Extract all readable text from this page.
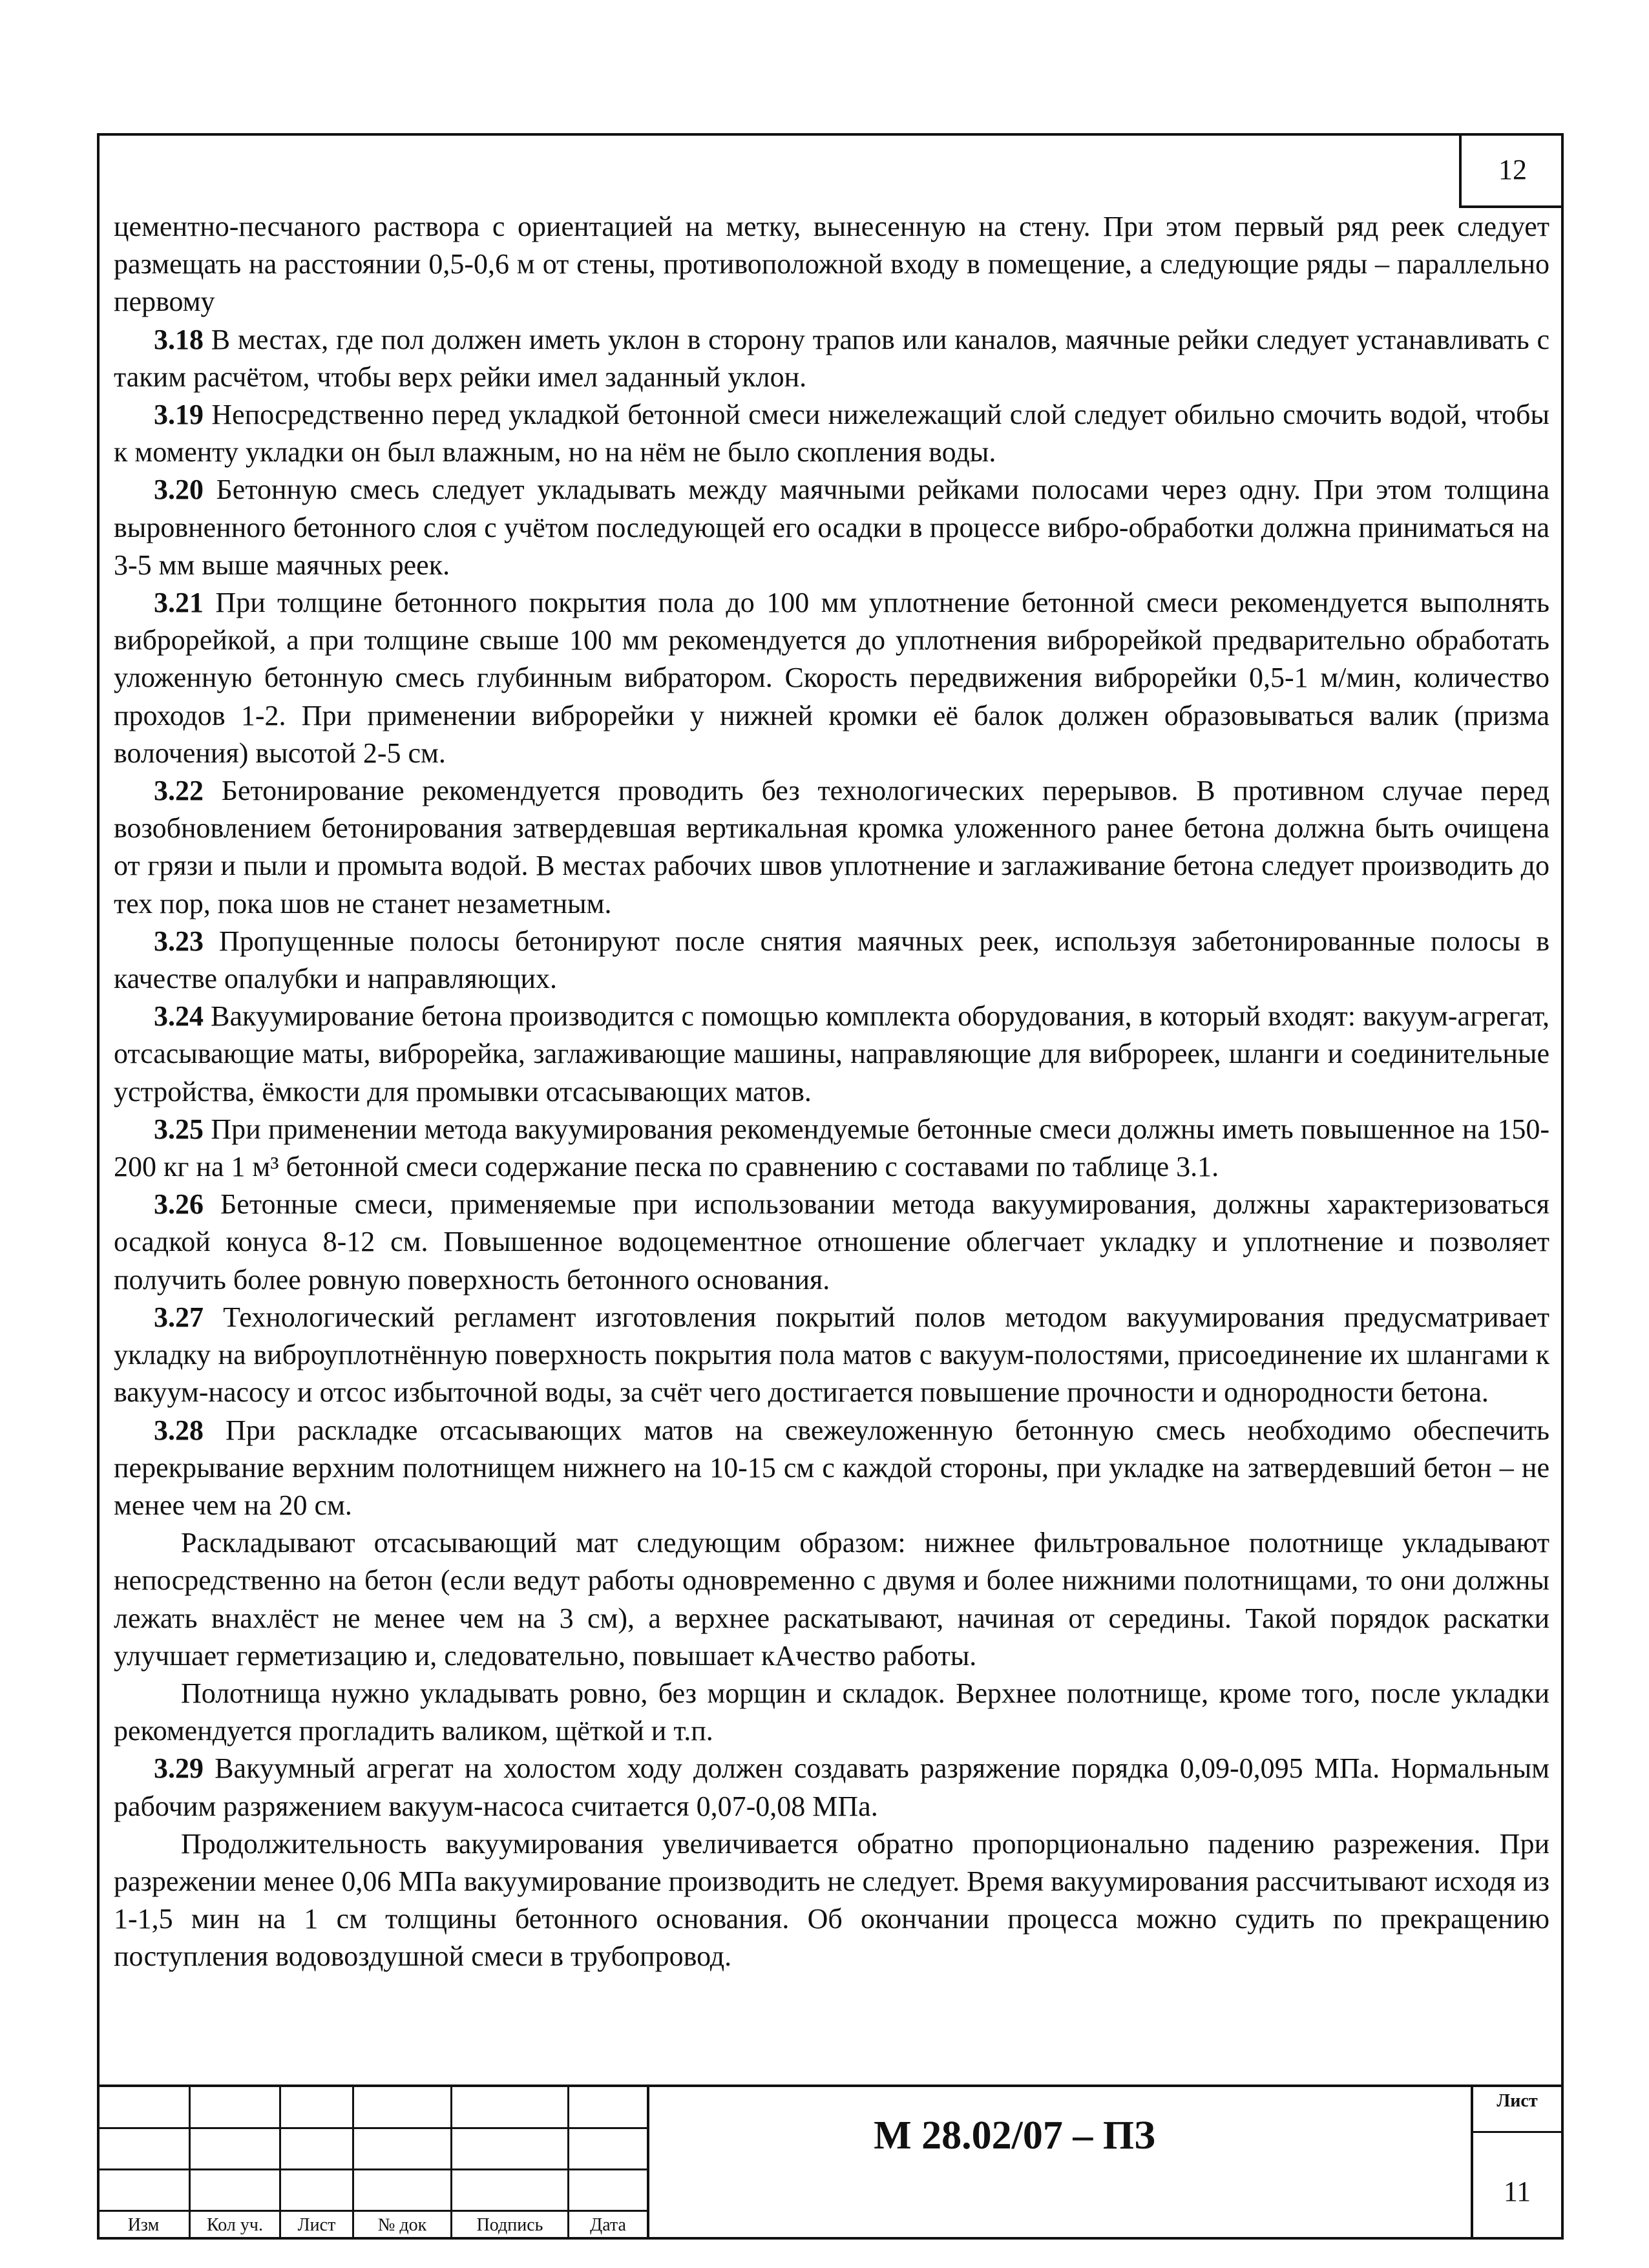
12

цементно-песчаного раствора с ориентацией на метку, вынесенную на стену. При этом первый ряд реек следует размещать на расстоянии 0,5-0,6 м от стены, противоположной входу в помещение, а следующие ряды – параллельно первому

3.18 В местах, где пол должен иметь уклон в сторону трапов или каналов, маячные рейки следует устанавливать с таким расчётом, чтобы верх рейки имел заданный уклон.

3.19 Непосредственно перед укладкой бетонной смеси нижележащий слой следует обильно смочить водой, чтобы к моменту укладки он был влажным, но на нём не было скопления воды.

3.20 Бетонную смесь следует укладывать между маячными рейками полосами через одну. При этом толщина выровненного бетонного слоя с учётом последующей его осадки в процессе вибро-обработки должна приниматься на 3-5 мм выше маячных реек.

3.21 При толщине бетонного покрытия пола до 100 мм уплотнение бетонной смеси рекомендуется выполнять виброрейкой, а при толщине свыше 100 мм рекомендуется до уплотнения виброрейкой предварительно обработать уложенную бетонную смесь глубинным вибратором. Скорость передвижения виброрейки 0,5-1 м/мин, количество проходов 1-2. При применении виброрейки у нижней кромки её балок должен образовываться валик (призма волочения) высотой 2-5 см.

3.22 Бетонирование рекомендуется проводить без технологических перерывов. В противном случае перед возобновлением бетонирования затвердевшая вертикальная кромка уложенного ранее бетона должна быть очищена от грязи и пыли и промыта водой. В местах рабочих швов уплотнение и заглаживание бетона следует производить до тех пор, пока шов не станет незаметным.

3.23 Пропущенные полосы бетонируют после снятия маячных реек, используя забетонированные полосы в качестве опалубки и направляющих.

3.24 Вакуумирование бетона производится с помощью комплекта оборудования, в который входят: вакуум-агрегат, отсасывающие маты, виброрейка, заглаживающие машины, направляющие для виброреек, шланги и соединительные устройства, ёмкости для промывки отсасывающих матов.

3.25 При применении метода вакуумирования рекомендуемые бетонные смеси должны иметь повышенное на 150-200 кг на 1 м³ бетонной смеси содержание песка по сравнению с составами по таблице 3.1.

3.26 Бетонные смеси, применяемые при использовании метода вакуумирования, должны характеризоваться осадкой конуса 8-12 см. Повышенное водоцементное отношение облегчает укладку и уплотнение и позволяет получить более ровную поверхность бетонного основания.

3.27 Технологический регламент изготовления покрытий полов методом вакуумирования предусматривает укладку на виброуплотнённую поверхность покрытия пола матов с вакуум-полостями, присоединение их шлангами к вакуум-насосу и отсос избыточной воды, за счёт чего достигается повышение прочности и однородности бетона.

3.28 При раскладке отсасывающих матов на свежеуложенную бетонную смесь необходимо обеспечить перекрывание верхним полотнищем нижнего на 10-15 см с каждой стороны, при укладке на затвердевший бетон – не менее чем на 20 см.

Раскладывают отсасывающий мат следующим образом: нижнее фильтровальное полотнище укладывают непосредственно на бетон (если ведут работы одновременно с двумя и более нижними полотнищами, то они должны лежать внахлёст не менее чем на 3 см), а верхнее раскатывают, начиная от середины. Такой порядок раскатки улучшает герметизацию и, следовательно, повышает кАчество работы.

Полотнища нужно укладывать ровно, без морщин и складок. Верхнее полотнище, кроме того, после укладки рекомендуется прогладить валиком, щёткой и т.п.

3.29 Вакуумный агрегат на холостом ходу должен создавать разряжение порядка 0,09-0,095 МПа. Нормальным рабочим разряжением вакуум-насоса считается 0,07-0,08 МПа.

Продолжительность вакуумирования увеличивается обратно пропорционально падению разрежения. При разрежении менее 0,06 МПа вакуумирование производить не следует. Время вакуумирования рассчитывают исходя из 1-1,5 мин на 1 см толщины бетонного основания. Об окончании процесса можно судить по прекращению поступления водовоздушной смеси в трубопровод.

Изм	Кол уч.	Лист	№ док	Подпись	Дата
М 28.02/07 – ПЗ
Лист
11
